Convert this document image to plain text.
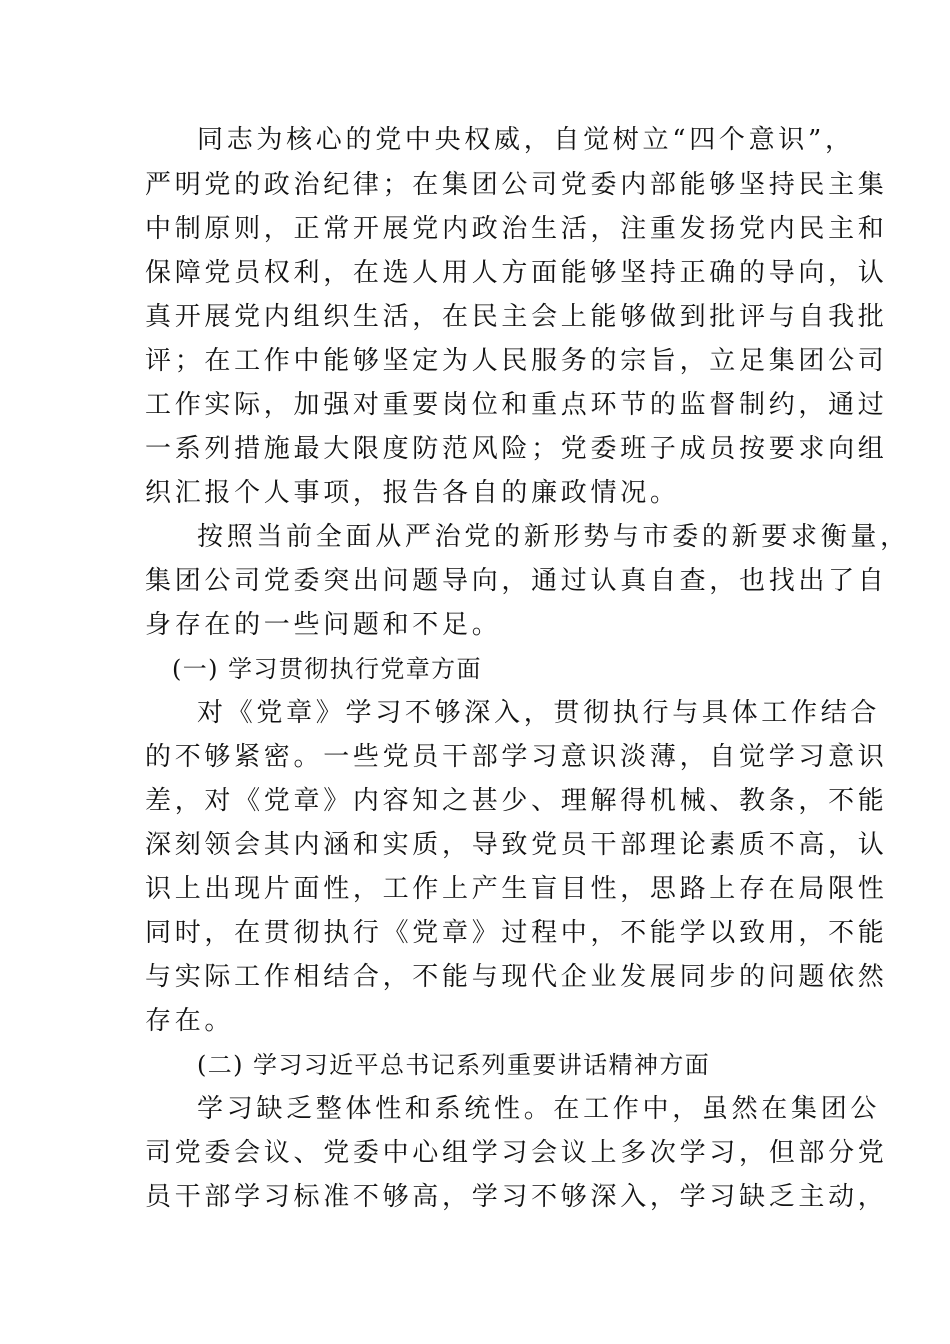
同志为核心的党中央权威，自觉树立“四个意识”，
严明党的政治纪律；在集团公司党委内部能够坚持民主集
中制原则，正常开展党内政治生活，注重发扬党内民主和
保障党员权利，在选人用人方面能够坚持正确的导向，认
真开展党内组织生活，在民主会上能够做到批评与自我批
评；在工作中能够坚定为人民服务的宗旨，立足集团公司
工作实际，加强对重要岗位和重点环节的监督制约，通过
一系列措施最大限度防范风险；党委班子成员按要求向组
织汇报个人事项，报告各自的廉政情况。
按照当前全面从严治党的新形势与市委的新要求衡量，
集团公司党委突出问题导向，通过认真自查，也找出了自
身存在的一些问题和不足。
(一) 学习贯彻执行党章方面
对《党章》学习不够深入，贯彻执行与具体工作结合
的不够紧密。一些党员干部学习意识淡薄，自觉学习意识
差，对《党章》内容知之甚少、理解得机械、教条，不能
深刻领会其内涵和实质，导致党员干部理论素质不高，认
识上出现片面性，工作上产生盲目性，思路上存在局限性
同时，在贯彻执行《党章》过程中，不能学以致用，不能
与实际工作相结合，不能与现代企业发展同步的问题依然
存在。
(二) 学习习近平总书记系列重要讲话精神方面
学习缺乏整体性和系统性。在工作中，虽然在集团公
司党委会议、党委中心组学习会议上多次学习，但部分党
员干部学习标准不够高，学习不够深入，学习缺乏主动，
